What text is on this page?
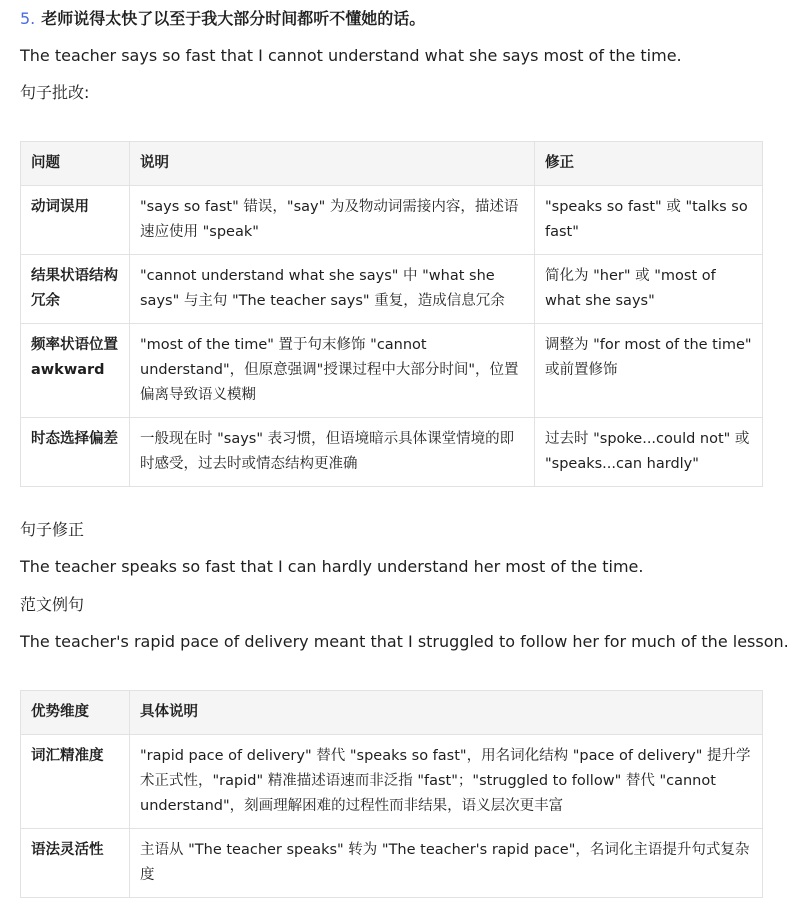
5. 老师说得太快了以至于我大部分时间都听不懂她的话。
The teacher says so fast that I cannot understand what she says most of the time.
句子批改:
问题	说明	修正
动词误用	"says so fast" 错误，"say" 为及物动词需接内容，描述语速应使用 "speak"	"speaks so fast" 或 "talks so fast"
结果状语结构冗余	"cannot understand what she says" 中 "what she says" 与主句 "The teacher says" 重复，造成信息冗余	简化为 "her" 或 "most of what she says"
频率状语位置 awkward	"most of the time" 置于句末修饰 "cannot understand"，但原意强调"授课过程中大部分时间"，位置偏离导致语义模糊	调整为 "for most of the time" 或前置修饰
时态选择偏差	一般现在时 "says" 表习惯，但语境暗示具体课堂情境的即时感受，过去时或情态结构更准确	过去时 "spoke...could not" 或 "speaks...can hardly"
句子修正
The teacher speaks so fast that I can hardly understand her most of the time.
范文例句
The teacher's rapid pace of delivery meant that I struggled to follow her for much of the lesson.
优势维度	具体说明
词汇精准度	"rapid pace of delivery" 替代 "speaks so fast"，用名词化结构 "pace of delivery" 提升学术正式性，"rapid" 精准描述语速而非泛指 "fast"；"struggled to follow" 替代 "cannot understand"，刻画理解困难的过程性而非结果，语义层次更丰富
语法灵活性	主语从 "The teacher speaks" 转为 "The teacher's rapid pace"，名词化主语提升句式复杂度
